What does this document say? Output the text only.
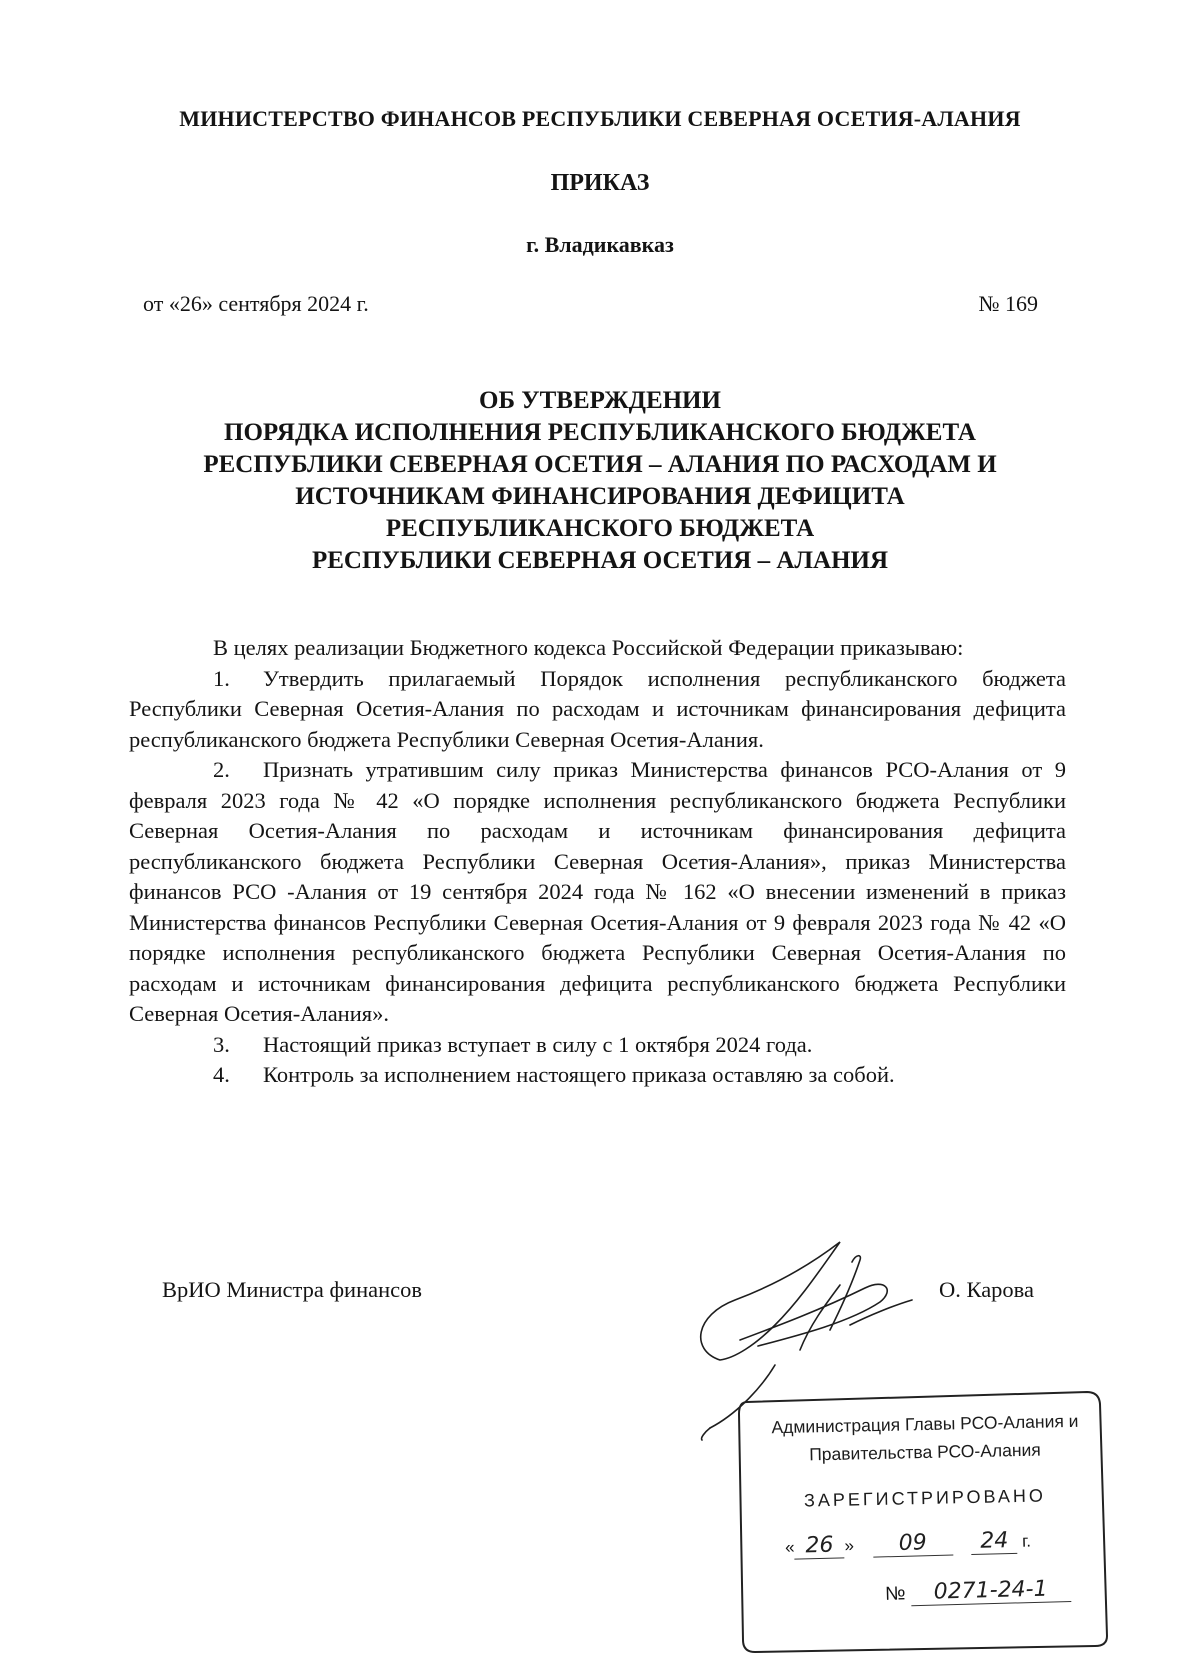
МИНИСТЕРСТВО ФИНАНСОВ РЕСПУБЛИКИ СЕВЕРНАЯ ОСЕТИЯ-АЛАНИЯ
ПРИКАЗ
г. Владикавказ
от «26» сентября 2024 г.	№ 169
ОБ УТВЕРЖДЕНИИ
ПОРЯДКА ИСПОЛНЕНИЯ РЕСПУБЛИКАНСКОГО БЮДЖЕТА
РЕСПУБЛИКИ СЕВЕРНАЯ ОСЕТИЯ – АЛАНИЯ ПО РАСХОДАМ И
ИСТОЧНИКАМ ФИНАНСИРОВАНИЯ ДЕФИЦИТА
РЕСПУБЛИКАНСКОГО БЮДЖЕТА
РЕСПУБЛИКИ СЕВЕРНАЯ ОСЕТИЯ – АЛАНИЯ

В целях реализации Бюджетного кодекса Российской Федерации приказываю:

1. Утвердить прилагаемый Порядок исполнения республиканского бюджета Республики Северная Осетия-Алания по расходам и источникам финансирования дефицита республиканского бюджета Республики Северная Осетия-Алания.

2. Признать утратившим силу приказ Министерства финансов РСО-Алания от 9 февраля 2023 года № 42 «О порядке исполнения республиканского бюджета Республики Северная Осетия-Алания по расходам и источникам финансирования дефицита республиканского бюджета Республики Северная Осетия-Алания», приказ Министерства финансов РСО -Алания от 19 сентября 2024 года № 162 «О внесении изменений в приказ Министерства финансов Республики Северная Осетия-Алания от 9 февраля 2023 года № 42 «О порядке исполнения республиканского бюджета Республики Северная Осетия-Алания по расходам и источникам финансирования дефицита республиканского бюджета Республики Северная Осетия-Алания».

3. Настоящий приказ вступает в силу с 1 октября 2024 года.

4. Контроль за исполнением настоящего приказа оставляю за собой.

ВрИО Министра финансов	О. Карова
Администрация Главы РСО-Алания и
Правительства РСО-Алания
ЗАРЕГИСТРИРОВАНО
« 26 » 09 24 г.
№ 0271-24-1
